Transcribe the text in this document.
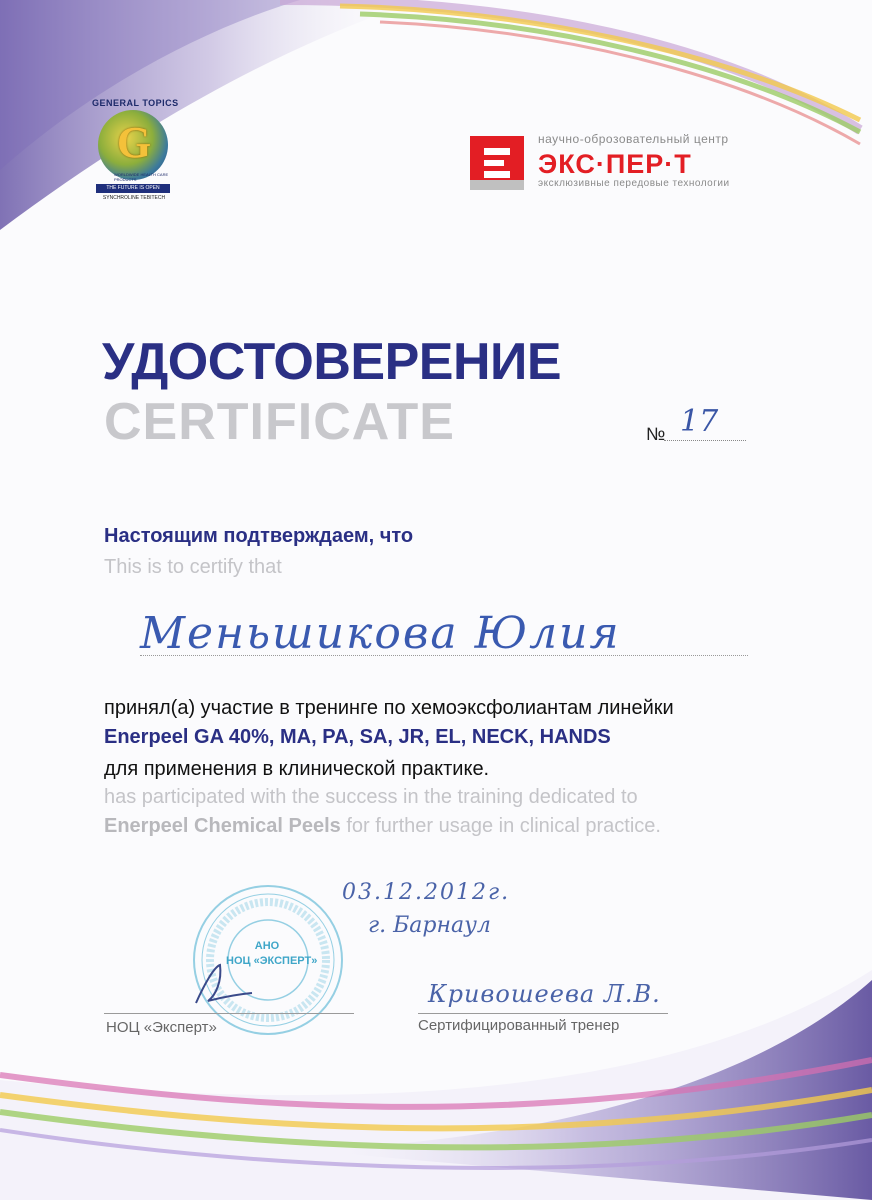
GENERAL TOPICS
G
WORLDWIDE HEALTH CARE PRODUCTS
THE FUTURE IS OPEN
SYNCHROLINE TEBITECH
научно-оброзовательный центр
ЭКС·ПЕР·Т
эксклюзивные передовые технологии
УДОСТОВЕРЕНИЕ
CERTIFICATE	№ 17
Настоящим подтверждаем, что
This is to certify that
Меньшикова Юлия
принял(а) участие в тренинге по хемоэксфолиантам линейки
Enerpeel GA 40%, MA, PA, SA, JR, EL, NECK, HANDS
для применения в клинической практике.
has participated with the success in the training dedicated to
Enerpeel Chemical Peels for further usage in clinical practice.
АНО
НОЦ «ЭКСПЕРТ»
03.12.2012г.
г. Барнаул
НОЦ «Эксперт»
Кривошеева Л.В.
Сертифицированный тренер
